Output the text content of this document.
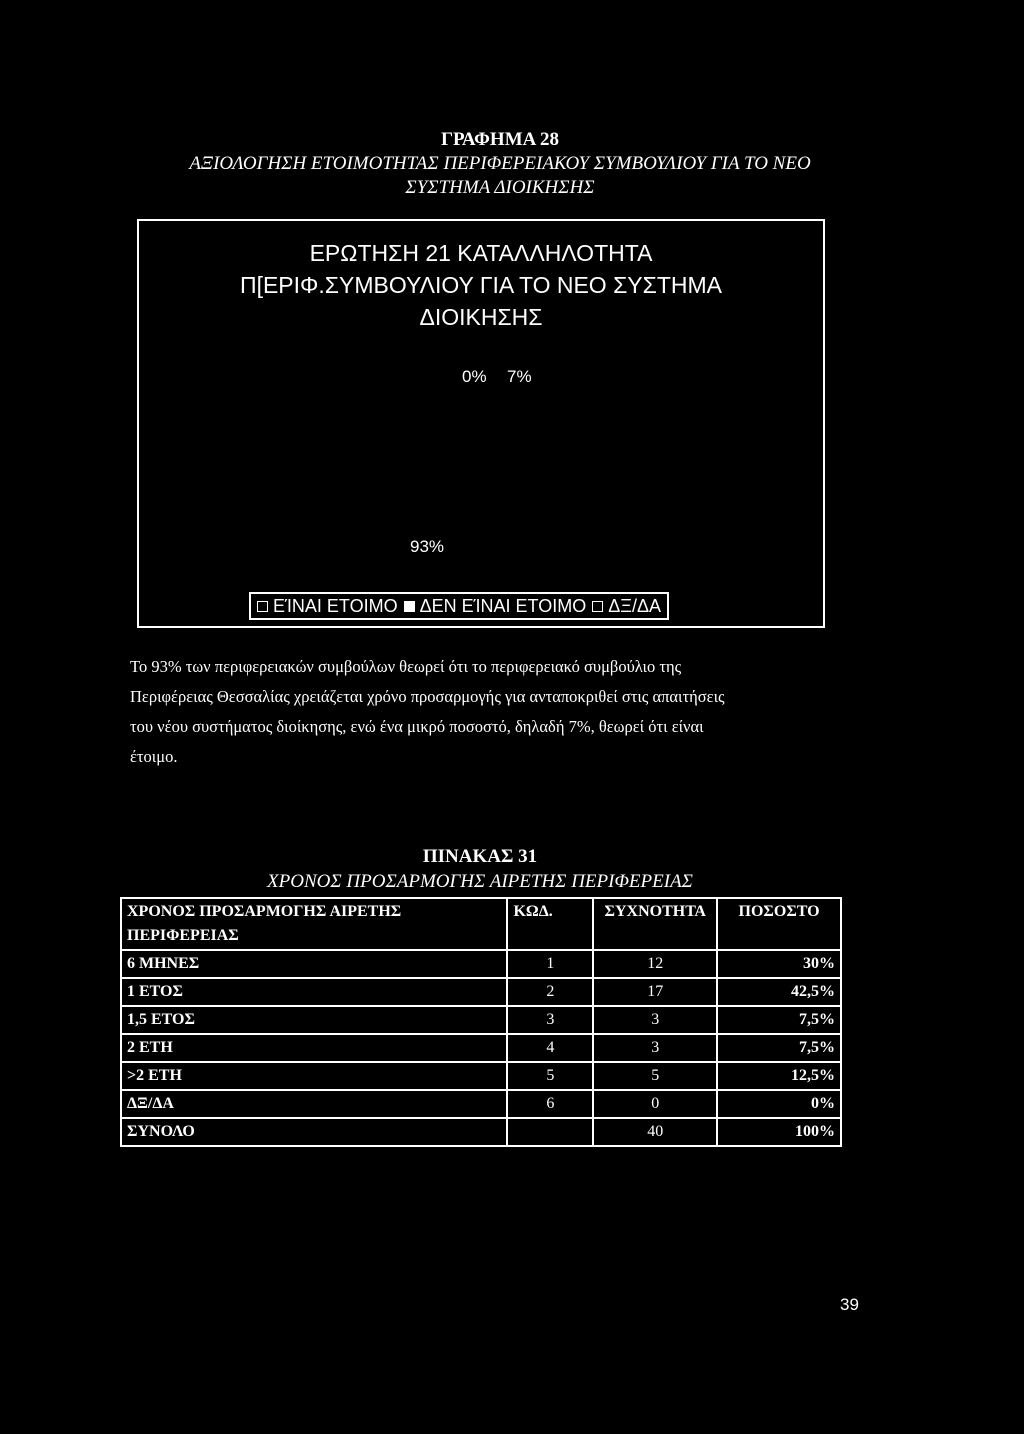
ΓΡΑΦΗΜΑ 28
ΑΞΙΟΛΟΓΗΣΗ ΕΤΟΙΜΟΤΗΤΑΣ ΠΕΡΙΦΕΡΕΙΑΚΟΥ ΣΥΜΒΟΥΛΙΟΥ ΓΙΑ ΤΟ ΝΕΟ
ΣΥΣΤΗΜΑ ΔΙΟΙΚΗΣΗΣ
ΕΡΩΤΗΣΗ 21 ΚΑΤΑΛΛΗΛΟΤΗΤΑ
Π[ΕΡΙΦ.ΣΥΜΒΟΥΛΙΟΥ ΓΙΑ ΤΟ ΝΕΟ ΣΥΣΤΗΜΑ
ΔΙΟΙΚΗΣΗΣ
0% 7%
93%
ΕΊΝΑΙ ΕΤΟΙΜΟ ΔΕΝ ΕΊΝΑΙ ΕΤΟΙΜΟ ΔΞ/ΔΑ
Το 93% των περιφερειακών συμβούλων θεωρεί ότι το περιφερειακό συμβούλιο της
Περιφέρειας Θεσσαλίας χρειάζεται χρόνο προσαρμογής για ανταποκριθεί στις απαιτήσεις
του νέου συστήματος διοίκησης, ενώ ένα μικρό ποσοστό, δηλαδή 7%, θεωρεί ότι είναι
έτοιμο.
ΠΙΝΑΚΑΣ 31
ΧΡΟΝΟΣ ΠΡΟΣΑΡΜΟΓΗΣ ΑΙΡΕΤΗΣ ΠΕΡΙΦΕΡΕΙΑΣ
ΧΡΟΝΟΣ ΠΡΟΣΑΡΜΟΓΗΣ ΑΙΡΕΤΗΣ ΠΕΡΙΦΕΡΕΙΑΣ	ΚΩΔ.	ΣΥΧΝΟΤΗΤΑ	ΠΟΣΟΣΤΟ
6 ΜΗΝΕΣ	1	12	30%
1 ΕΤΟΣ	2	17	42,5%
1,5 ΕΤΟΣ	3	3	7,5%
2 ΕΤΗ	4	3	7,5%
>2 ΕΤΗ	5	5	12,5%
ΔΞ/ΔΑ	6	0	0%
ΣΥΝΟΛΟ		40	100%
39
